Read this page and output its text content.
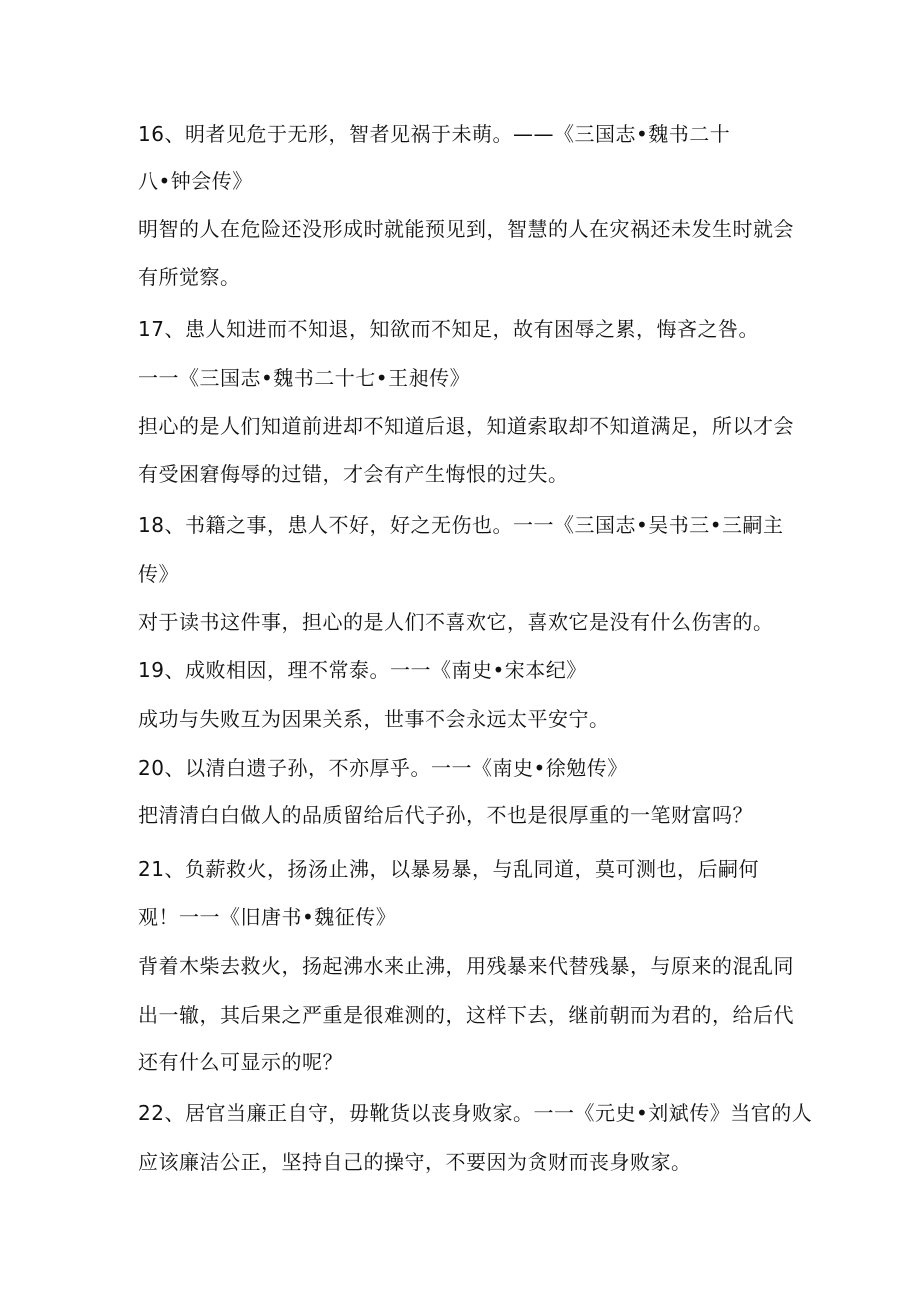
16、明者见危于无形，智者见祸于未萌。——《三国志•魏书二十
八•钟会传》
明智的人在危险还没形成时就能预见到，智慧的人在灾祸还未发生时就会
有所觉察。
17、患人知进而不知退，知欲而不知足，故有困辱之累，悔吝之咎。
一一《三国志•魏书二十七•王昶传》
担心的是人们知道前进却不知道后退，知道索取却不知道满足，所以才会
有受困窘侮辱的过错，才会有产生悔恨的过失。
18、书籍之事，患人不好，好之无伤也。一一《三国志•吴书三•三嗣主
传》
对于读书这件事，担心的是人们不喜欢它，喜欢它是没有什么伤害的。
19、成败相因，理不常泰。一一《南史•宋本纪》
成功与失败互为因果关系，世事不会永远太平安宁。
20、以清白遗子孙，不亦厚乎。一一《南史•徐勉传》
把清清白白做人的品质留给后代子孙，不也是很厚重的一笔财富吗？
21、负薪救火，扬汤止沸，以暴易暴，与乱同道，莫可测也，后嗣何
观！一一《旧唐书•魏征传》
背着木柴去救火，扬起沸水来止沸，用残暴来代替残暴，与原来的混乱同
出一辙，其后果之严重是很难测的，这样下去，继前朝而为君的，给后代
还有什么可显示的呢？
22、居官当廉正自守，毋靴货以丧身败家。一一《元史•刘斌传》当官的人
应该廉洁公正，坚持自己的操守，不要因为贪财而丧身败家。
